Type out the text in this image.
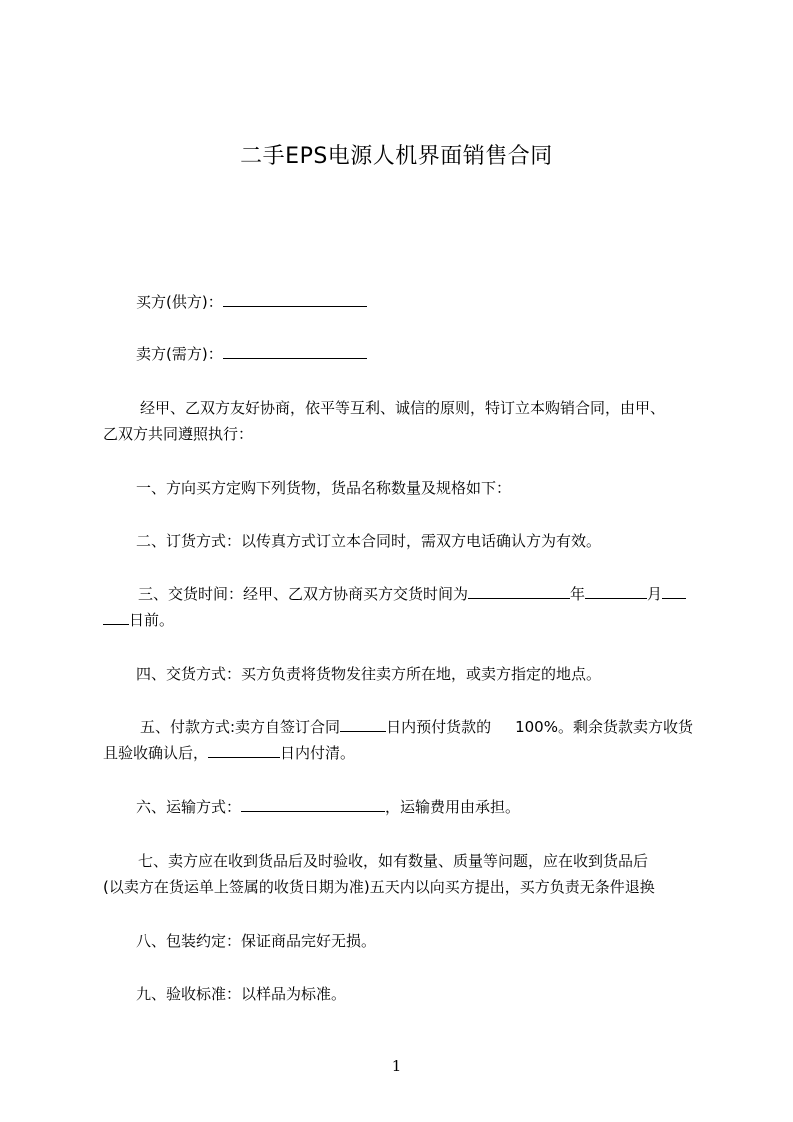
二手EPS电源人机界面销售合同
买方(供方)：
卖方(需方)：
经甲、乙双方友好协商，依平等互利、诚信的原则，特订立本购销合同，由甲、
乙双方共同遵照执行：
一、方向买方定购下列货物，货品名称数量及规格如下：
二、订货方式：以传真方式订立本合同时，需双方电话确认方为有效。
三、交货时间：经甲、乙双方协商买方交货时间为	年	月
日前。
四、交货方式：买方负责将货物发往卖方所在地，或卖方指定的地点。
五、付款方式:卖方自签订合同	日内预付货款的 100%。剩余货款卖方收货
且验收确认后，	日内付清。
六、运输方式：	，运输费用由承担。
七、卖方应在收到货品后及时验收，如有数量、质量等问题，应在收到货品后
(以卖方在货运单上签属的收货日期为准)五天内以向买方提出，买方负责无条件退换
八、包装约定：保证商品完好无损。
九、验收标准：以样品为标准。
1
